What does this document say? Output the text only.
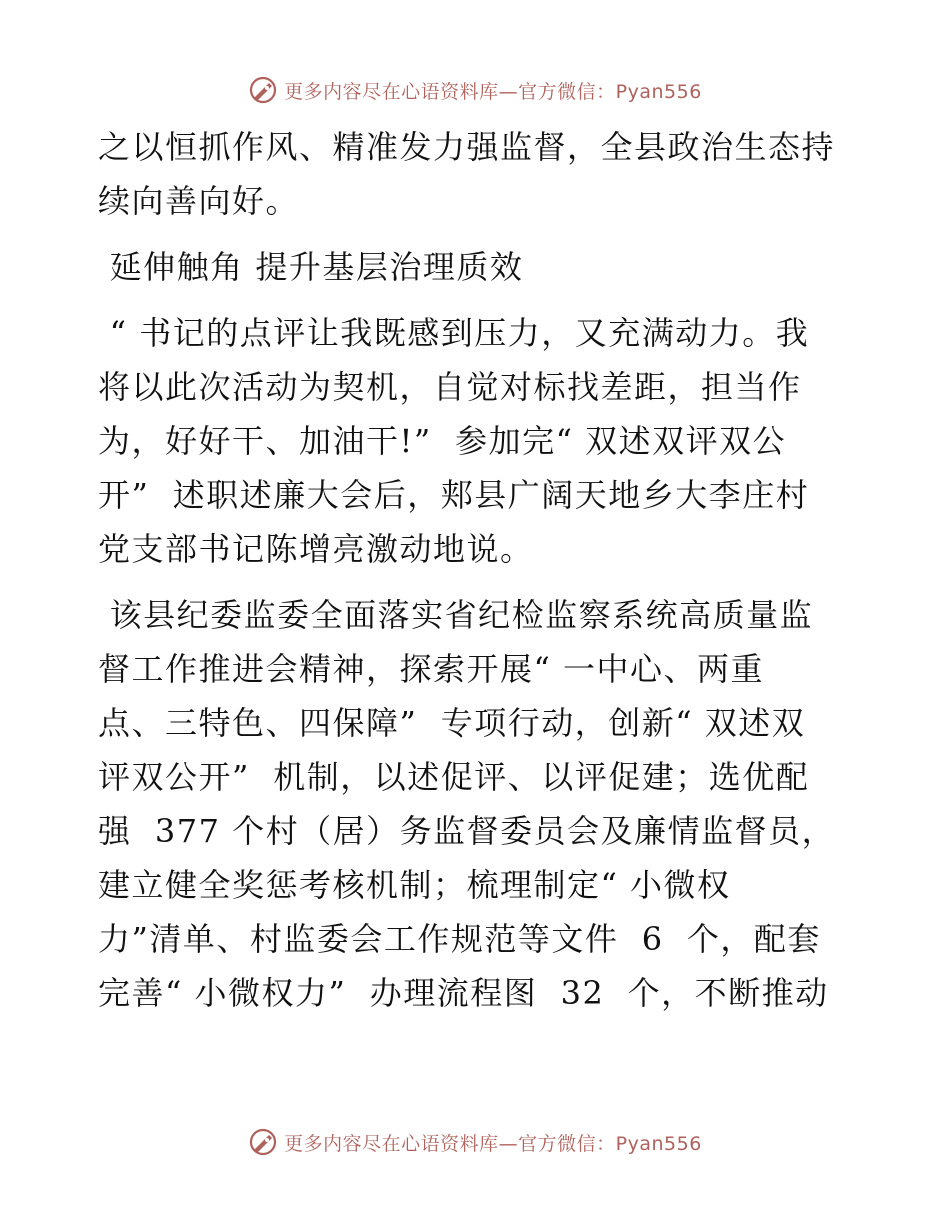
更多内容尽在心语资料库—官方微信：Pyan556
之以恒抓作风、精准发力强监督，全县政治生态持
续向善向好。
延伸触角 提升基层治理质效
“ 书记的点评让我既感到压力，又充满动力。我
将以此次活动为契机，自觉对标找差距，担当作
为，好好干、加油干!”  参加完“ 双述双评双公
开”  述职述廉大会后，郏县广阔天地乡大李庄村
党支部书记陈增亮激动地说。
该县纪委监委全面落实省纪检监察系统高质量监
督工作推进会精神，探索开展“ 一中心、两重
点、三特色、四保障”  专项行动，创新“ 双述双
评双公开”  机制，以述促评、以评促建；选优配
强  377 个村（居）务监督委员会及廉情监督员，
建立健全奖惩考核机制；梳理制定“ 小微权
力”清单、村监委会工作规范等文件  6  个，配套
完善“ 小微权力”  办理流程图  32  个，不断推动
更多内容尽在心语资料库—官方微信：Pyan556
